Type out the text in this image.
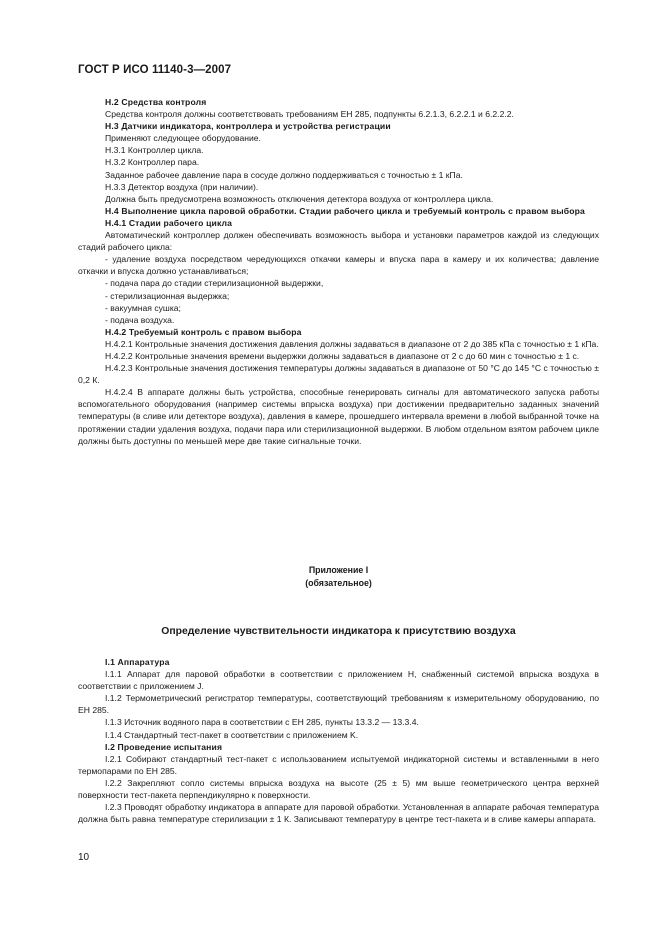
ГОСТ Р ИСО 11140-3—2007

H.2 Средства контроля

Средства контроля должны соответствовать требованиям ЕН 285, подпункты 6.2.1.3, 6.2.2.1 и 6.2.2.2.

H.3 Датчики индикатора, контроллера и устройства регистрации

Применяют следующее оборудование.

H.3.1 Контроллер цикла.

H.3.2 Контроллер пара.

Заданное рабочее давление пара в сосуде должно поддерживаться с точностью ± 1 кПа.

H.3.3 Детектор воздуха (при наличии).

Должна быть предусмотрена возможность отключения детектора воздуха от контроллера цикла.

H.4 Выполнение цикла паровой обработки. Стадии рабочего цикла и требуемый контроль с правом выбора

H.4.1 Стадии рабочего цикла

Автоматический контроллер должен обеспечивать возможность выбора и установки параметров каждой из следующих стадий рабочего цикла:

- удаление воздуха посредством чередующихся откачки камеры и впуска пара в камеру и их количества; давление откачки и впуска должно устанавливаться;

- подача пара до стадии стерилизационной выдержки,

- стерилизационная выдержка;

- вакуумная сушка;

- подача воздуха.

H.4.2 Требуемый контроль с правом выбора

H.4.2.1 Контрольные значения достижения давления должны задаваться в диапазоне от 2 до 385 кПа с точностью ± 1 кПа.

H.4.2.2 Контрольные значения времени выдержки должны задаваться в диапазоне от 2 с до 60 мин с точностью ± 1 с.

H.4.2.3 Контрольные значения достижения температуры должны задаваться в диапазоне от 50 °С до 145 °С с точностью ± 0,2 К.

H.4.2.4 В аппарате должны быть устройства, способные генерировать сигналы для автоматического запуска работы вспомогательного оборудования (например системы впрыска воздуха) при достижении предварительно заданных значений температуры (в сливе или детекторе воздуха), давления в камере, прошедшего интервала времени в любой выбранной точке на протяжении стадии удаления воздуха, подачи пара или стерилизационной выдержки. В любом отдельном взятом рабочем цикле должны быть доступны по меньшей мере две такие сигнальные точки.

Приложение I
(обязательное)
Определение чувствительности индикатора к присутствию воздуха

I.1 Аппаратура

I.1.1 Аппарат для паровой обработки в соответствии с приложением H, снабженный системой впрыска воздуха в соответствии с приложением J.

I.1.2 Термометрический регистратор температуры, соответствующий требованиям к измерительному оборудованию, по ЕН 285.

I.1.3 Источник водяного пара в соответствии с ЕН 285, пункты 13.3.2 — 13.3.4.

I.1.4 Стандартный тест-пакет в соответствии с приложением K.

I.2 Проведение испытания

I.2.1 Собирают стандартный тест-пакет с использованием испытуемой индикаторной системы и вставленными в него термопарами по ЕН 285.

I.2.2 Закрепляют сопло системы впрыска воздуха на высоте (25 ± 5) мм выше геометрического центра верхней поверхности тест-пакета перпендикулярно к поверхности.

I.2.3 Проводят обработку индикатора в аппарате для паровой обработки. Установленная в аппарате рабочая температура должна быть равна температуре стерилизации ± 1 К. Записывают температуру в центре тест-пакета и в сливе камеры аппарата.

10
